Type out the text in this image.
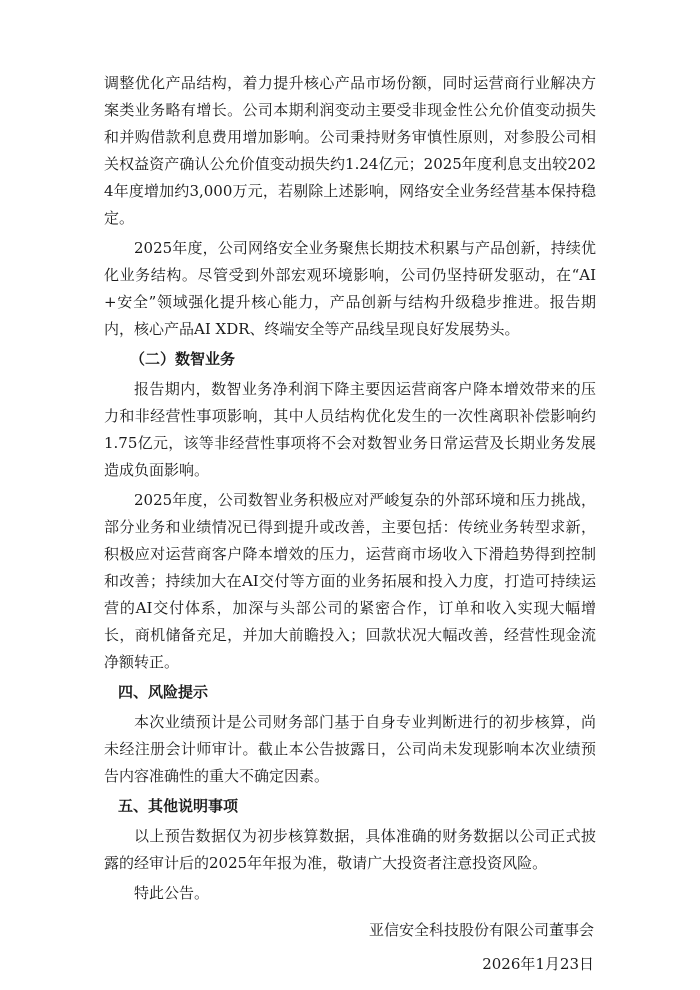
调整优化产品结构，着力提升核心产品市场份额，同时运营商行业解决方案类业务略有增长。公司本期利润变动主要受非现金性公允价值变动损失和并购借款利息费用增加影响。公司秉持财务审慎性原则，对参股公司相关权益资产确认公允价值变动损失约1.24亿元；2025年度利息支出较2024年度增加约3,000万元，若剔除上述影响，网络安全业务经营基本保持稳定。

2025年度，公司网络安全业务聚焦长期技术积累与产品创新，持续优化业务结构。尽管受到外部宏观环境影响，公司仍坚持研发驱动，在“AI+安全”领域强化提升核心能力，产品创新与结构升级稳步推进。报告期内，核心产品AI XDR、终端安全等产品线呈现良好发展势头。

（二）数智业务

报告期内，数智业务净利润下降主要因运营商客户降本增效带来的压力和非经营性事项影响，其中人员结构优化发生的一次性离职补偿影响约1.75亿元，该等非经营性事项将不会对数智业务日常运营及长期业务发展造成负面影响。

2025年度，公司数智业务积极应对严峻复杂的外部环境和压力挑战，部分业务和业绩情况已得到提升或改善，主要包括：传统业务转型求新，积极应对运营商客户降本增效的压力，运营商市场收入下滑趋势得到控制和改善；持续加大在AI交付等方面的业务拓展和投入力度，打造可持续运营的AI交付体系，加深与头部公司的紧密合作，订单和收入实现大幅增长，商机储备充足，并加大前瞻投入；回款状况大幅改善，经营性现金流净额转正。

四、风险提示

本次业绩预计是公司财务部门基于自身专业判断进行的初步核算，尚未经注册会计师审计。截止本公告披露日，公司尚未发现影响本次业绩预告内容准确性的重大不确定因素。

五、其他说明事项

以上预告数据仅为初步核算数据，具体准确的财务数据以公司正式披露的经审计后的2025年年报为准，敬请广大投资者注意投资风险。

特此公告。

亚信安全科技股份有限公司董事会

2026年1月23日
